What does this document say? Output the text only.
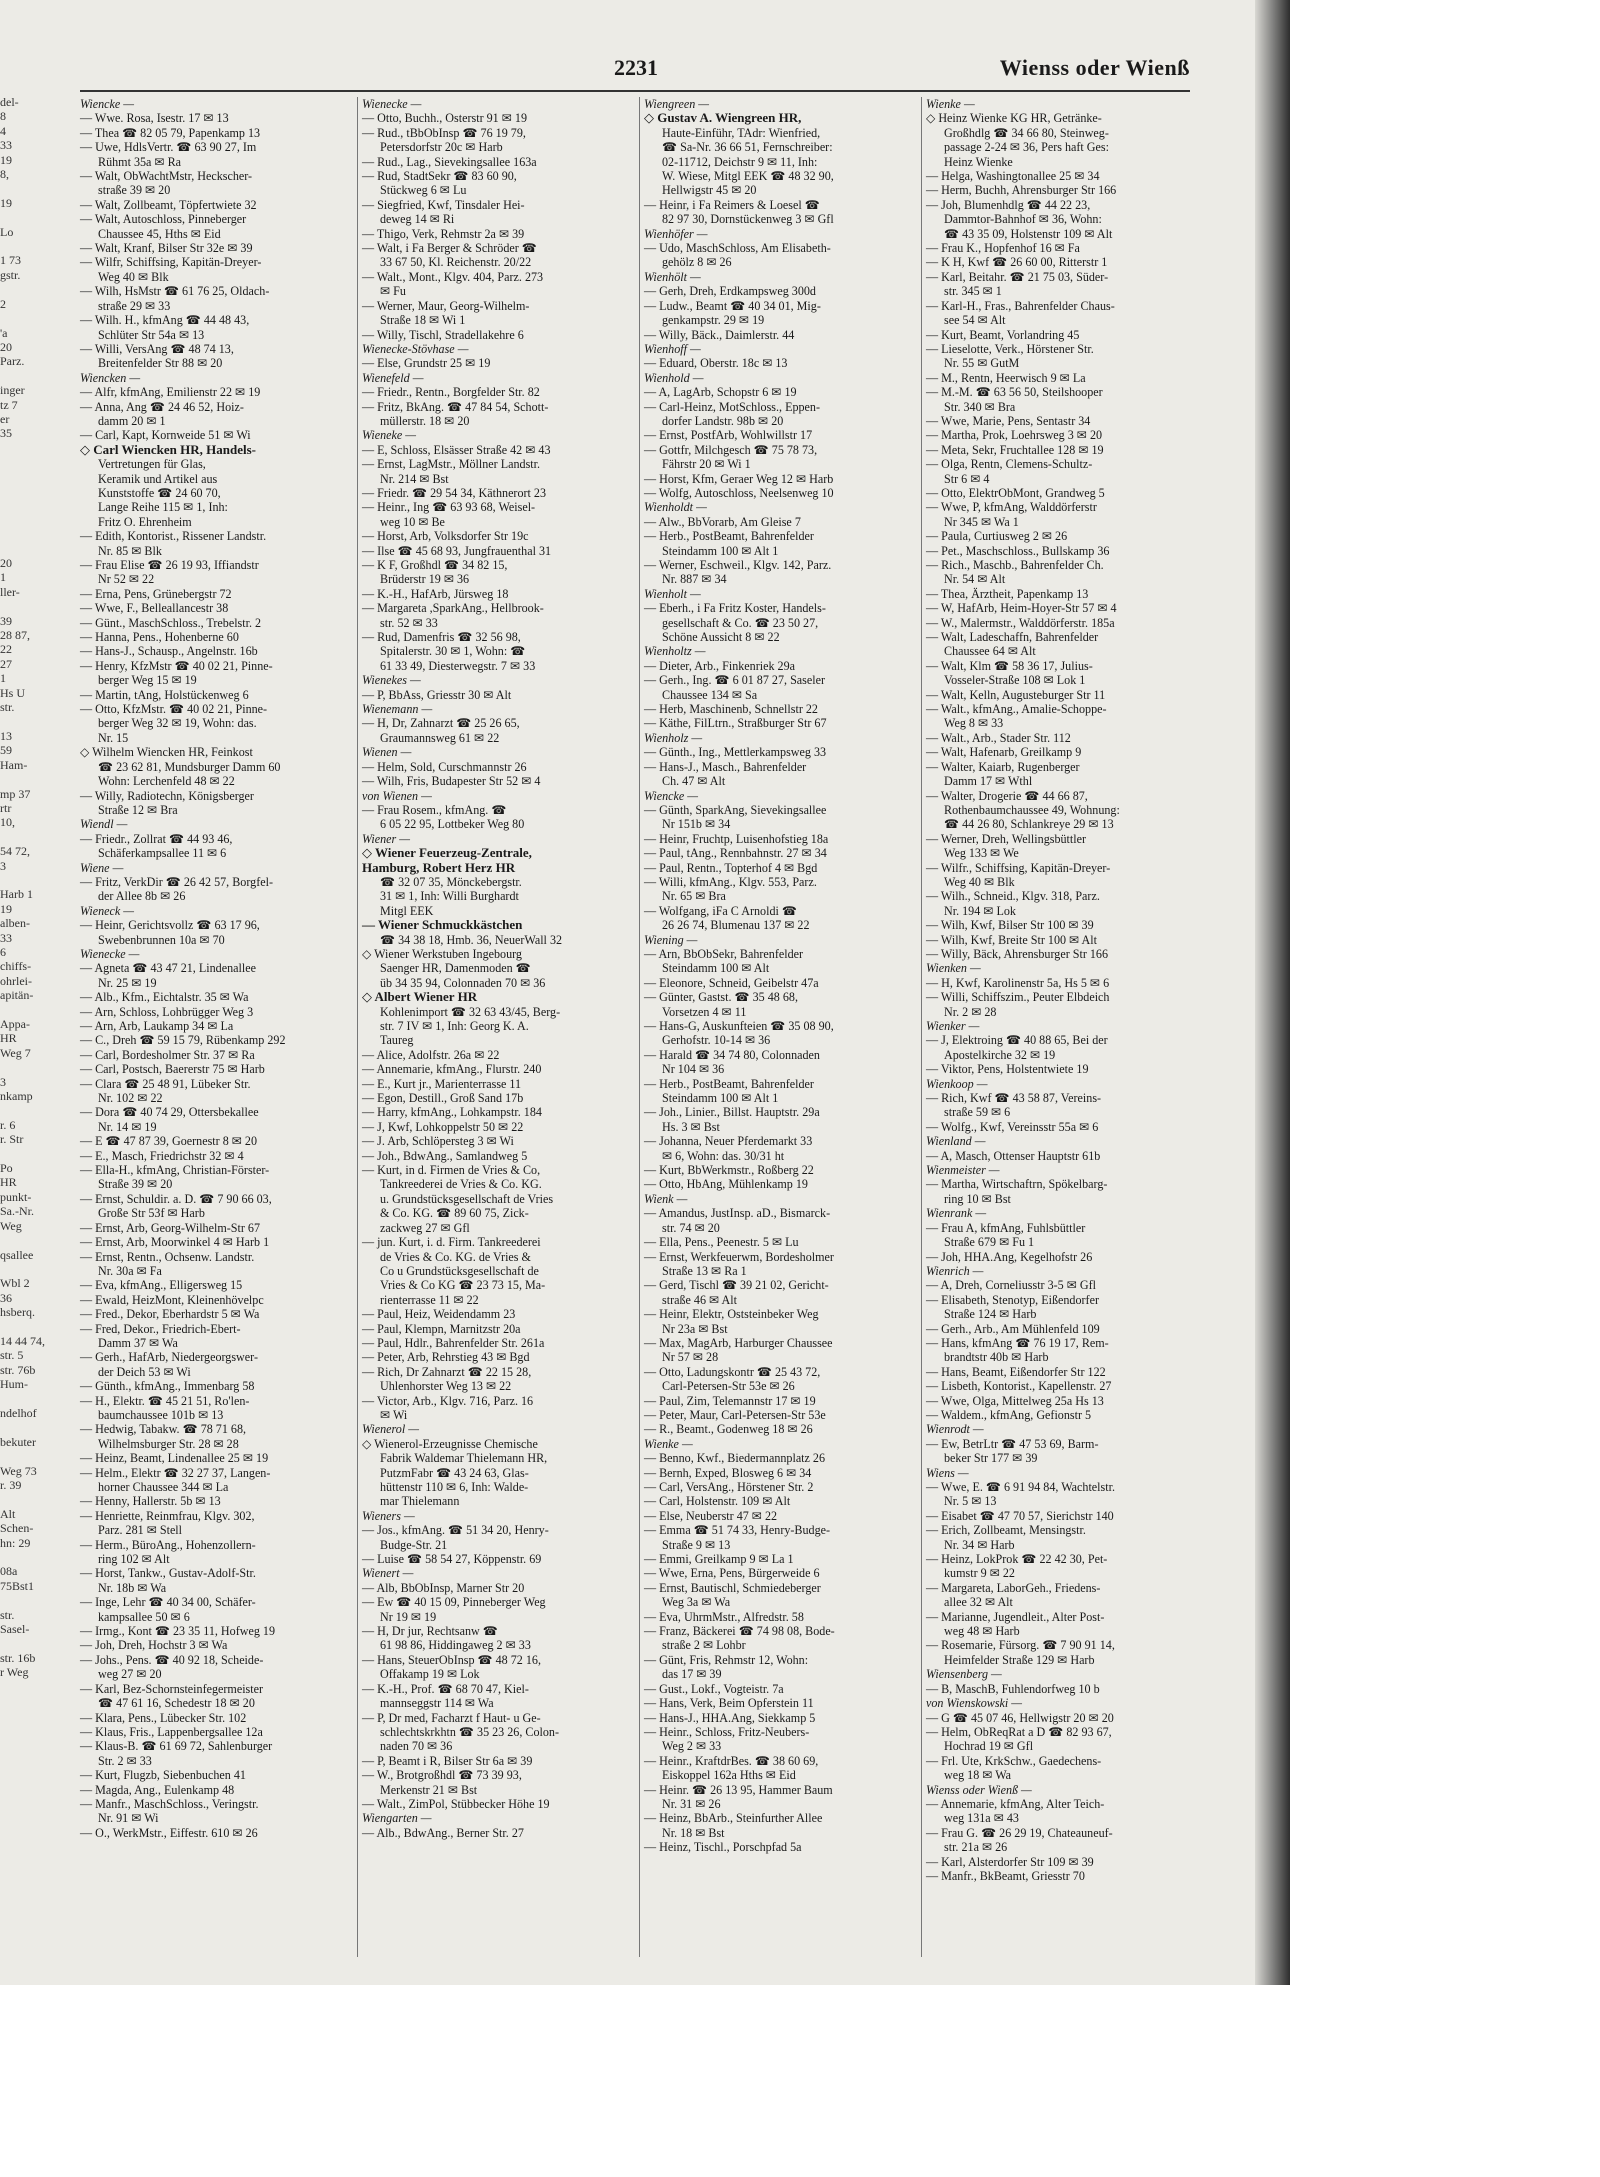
del-
8
4
33
19
8,

19

Lo

1 73
gstr.

2

'a
20
Parz.

inger
tz 7
er
35

20
1
ller-

39
28 87,
22
27
1
Hs U
str.

13
59
Ham-

mp 37
rtr
10,

54 72,
3

Harb 1
19
alben-
33
6
chiffs-
ohrlei-
apitän-

Appa-
HR
Weg 7

3
nkamp

r. 6
r. Str

Po
HR
punkt-
Sa.-Nr.
Weg

qsallee

Wbl 2
36
hsberq.

14 44 74,
str. 5
str. 76b
Hum-

ndelhof

bekuter

Weg 73
r. 39

Alt
Schen-
hn: 29

08a
75Bst1

str.
Sasel-

str. 16b
r Weg
2231	Wienss oder Wienß
Wiencke —
— Wwe. Rosa, Isestr. 17 ✉ 13
— Thea ☎ 82 05 79, Papenkamp 13
— Uwe, HdlsVertr. ☎ 63 90 27, Im
Rühmt 35a ✉ Ra
— Walt, ObWachtMstr, Heckscher-
straße 39 ✉ 20
— Walt, Zollbeamt, Töpfertwiete 32
— Walt, Autoschloss, Pinneberger
Chaussee 45, Hths ✉ Eid
— Walt, Kranf, Bilser Str 32e ✉ 39
— Wilfr, Schiffsing, Kapitän-Dreyer-
Weg 40 ✉ Blk
— Wilh, HsMstr ☎ 61 76 25, Oldach-
straße 29 ✉ 33
— Wilh. H., kfmAng ☎ 44 48 43,
Schlüter Str 54a ✉ 13
— Willi, VersAng ☎ 48 74 13,
Breitenfelder Str 88 ✉ 20
Wiencken —
— Alfr, kfmAng, Emilienstr 22 ✉ 19
— Anna, Ang ☎ 24 46 52, Hoiz-
damm 20 ✉ 1
— Carl, Kapt, Kornweide 51 ✉ Wi
◇ Carl Wiencken HR, Handels-
Vertretungen für Glas,
Keramik und Artikel aus
Kunststoffe ☎ 24 60 70,
Lange Reihe 115 ✉ 1, Inh:
Fritz O. Ehrenheim
— Edith, Kontorist., Rissener Landstr.
Nr. 85 ✉ Blk
— Frau Elise ☎ 26 19 93, Iffiandstr
Nr 52 ✉ 22
— Erna, Pens, Grünebergstr 72
— Wwe, F., Belleallancestr 38
— Günt., MaschSchloss., Trebelstr. 2
— Hanna, Pens., Hohenberne 60
— Hans-J., Schausp., Angelnstr. 16b
— Henry, KfzMstr ☎ 40 02 21, Pinne-
berger Weg 15 ✉ 19
— Martin, tAng, Holstückenweg 6
— Otto, KfzMstr. ☎ 40 02 21, Pinne-
berger Weg 32 ✉ 19, Wohn: das.
Nr. 15
◇ Wilhelm Wiencken HR, Feinkost
☎ 23 62 81, Mundsburger Damm 60
Wohn: Lerchenfeld 48 ✉ 22
— Willy, Radiotechn, Königsberger
Straße 12 ✉ Bra
Wiendl —
— Friedr., Zollrat ☎ 44 93 46,
Schäferkampsallee 11 ✉ 6
Wiene —
— Fritz, VerkDir ☎ 26 42 57, Borgfel-
der Allee 8b ✉ 26
Wieneck —
— Heinr, Gerichtsvollz ☎ 63 17 96,
Swebenbrunnen 10a ✉ 70
Wienecke —
— Agneta ☎ 43 47 21, Lindenallee
Nr. 25 ✉ 19
— Alb., Kfm., Eichtalstr. 35 ✉ Wa
— Arn, Schloss, Lohbrügger Weg 3
— Arn, Arb, Laukamp 34 ✉ La
— C., Dreh ☎ 59 15 79, Rübenkamp 292
— Carl, Bordesholmer Str. 37 ✉ Ra
— Carl, Postsch, Baererstr 75 ✉ Harb
— Clara ☎ 25 48 91, Lübeker Str.
Nr. 102 ✉ 22
— Dora ☎ 40 74 29, Ottersbekallee
Nr. 14 ✉ 19
— E ☎ 47 87 39, Goernestr 8 ✉ 20
— E., Masch, Friedrichstr 32 ✉ 4
— Ella-H., kfmAng, Christian-Förster-
Straße 39 ✉ 20
— Ernst, Schuldir. a. D. ☎ 7 90 66 03,
Große Str 53f ✉ Harb
— Ernst, Arb, Georg-Wilhelm-Str 67
— Ernst, Arb, Moorwinkel 4 ✉ Harb 1
— Ernst, Rentn., Ochsenw. Landstr.
Nr. 30a ✉ Fa
— Eva, kfmAng., Elligersweg 15
— Ewald, HeizMont, Kleinenhövelpc
— Fred., Dekor, Eberhardstr 5 ✉ Wa
— Fred, Dekor., Friedrich-Ebert-
Damm 37 ✉ Wa
— Gerh., HafArb, Niedergeorgswer-
der Deich 53 ✉ Wi
— Günth., kfmAng., Immenbarg 58
— H., Elektr. ☎ 45 21 51, Ro'len-
baumchaussee 101b ✉ 13
— Hedwig, Tabakw. ☎ 78 71 68,
Wilhelmsburger Str. 28 ✉ 28
— Heinz, Beamt, Lindenallee 25 ✉ 19
— Helm., Elektr ☎ 32 27 37, Langen-
horner Chaussee 344 ✉ La
— Henny, Hallerstr. 5b ✉ 13
— Henriette, Reinmfrau, Klgv. 302,
Parz. 281 ✉ Stell
— Herm., BüroAng., Hohenzollern-
ring 102 ✉ Alt
— Horst, Tankw., Gustav-Adolf-Str.
Nr. 18b ✉ Wa
— Inge, Lehr ☎ 40 34 00, Schäfer-
kampsallee 50 ✉ 6
— Irmg., Kont ☎ 23 35 11, Hofweg 19
— Joh, Dreh, Hochstr 3 ✉ Wa
— Johs., Pens. ☎ 40 92 18, Scheide-
weg 27 ✉ 20
— Karl, Bez-Schornsteinfegermeister
☎ 47 61 16, Schedestr 18 ✉ 20
— Klara, Pens., Lübecker Str. 102
— Klaus, Fris., Lappenbergsallee 12a
— Klaus-B. ☎ 61 69 72, Sahlenburger
Str. 2 ✉ 33
— Kurt, Flugzb, Siebenbuchen 41
— Magda, Ang., Eulenkamp 48
— Manfr., MaschSchloss., Veringstr.
Nr. 91 ✉ Wi
— O., WerkMstr., Eiffestr. 610 ✉ 26
Wienecke —
— Otto, Buchh., Osterstr 91 ✉ 19
— Rud., tBbObInsp ☎ 76 19 79,
Petersdorfstr 20c ✉ Harb
— Rud., Lag., Sievekingsallee 163a
— Rud, StadtSekr ☎ 83 60 90,
Stückweg 6 ✉ Lu
— Siegfried, Kwf, Tinsdaler Hei-
deweg 14 ✉ Ri
— Thigo, Verk, Rehmstr 2a ✉ 39
— Walt, i Fa Berger & Schröder ☎
33 67 50, Kl. Reichenstr. 20/22
— Walt., Mont., Klgv. 404, Parz. 273
✉ Fu
— Werner, Maur, Georg-Wilhelm-
Straße 18 ✉ Wi 1
— Willy, Tischl, Stradellakehre 6
Wienecke-Stövhase —
— Else, Grundstr 25 ✉ 19
Wienefeld —
— Friedr., Rentn., Borgfelder Str. 82
— Fritz, BkAng. ☎ 47 84 54, Schott-
müllerstr. 18 ✉ 20
Wieneke —
— E, Schloss, Elsässer Straße 42 ✉ 43
— Ernst, LagMstr., Möllner Landstr.
Nr. 214 ✉ Bst
— Friedr. ☎ 29 54 34, Käthnerort 23
— Heinr., Ing ☎ 63 93 68, Weisel-
weg 10 ✉ Be
— Horst, Arb, Volksdorfer Str 19c
— Ilse ☎ 45 68 93, Jungfrauenthal 31
— K F, Großhdl ☎ 34 82 15,
Brüderstr 19 ✉ 36
— K.-H., HafArb, Jürsweg 18
— Margareta ,SparkAng., Hellbrook-
str. 52 ✉ 33
— Rud, Damenfris ☎ 32 56 98,
Spitalerstr. 30 ✉ 1, Wohn: ☎
61 33 49, Diesterwegstr. 7 ✉ 33
Wienekes —
— P, BbAss, Griesstr 30 ✉ Alt
Wienemann —
— H, Dr, Zahnarzt ☎ 25 26 65,
Graumannsweg 61 ✉ 22
Wienen —
— Helm, Sold, Curschmannstr 26
— Wilh, Fris, Budapester Str 52 ✉ 4
von Wienen —
— Frau Rosem., kfmAng. ☎
6 05 22 95, Lottbeker Weg 80
Wiener —
◇ Wiener Feuerzeug-Zentrale,
Hamburg, Robert Herz HR
☎ 32 07 35, Mönckebergstr.
31 ✉ 1, Inh: Willi Burghardt
Mitgl EEK
— Wiener Schmuckkästchen
☎ 34 38 18, Hmb. 36, NeuerWall 32
◇ Wiener Werkstuben Ingebourg
Saenger HR, Damenmoden ☎
üb 34 35 94, Colonnaden 70 ✉ 36
◇ Albert Wiener HR
Kohlenimport ☎ 32 63 43/45, Berg-
str. 7 IV ✉ 1, Inh: Georg K. A.
Taureg
— Alice, Adolfstr. 26a ✉ 22
— Annemarie, kfmAng., Flurstr. 240
— E., Kurt jr., Marienterrasse 11
— Egon, Destill., Groß Sand 17b
— Harry, kfmAng., Lohkampstr. 184
— J, Kwf, Lohkoppelstr 50 ✉ 22
— J. Arb, Schlöpersteg 3 ✉ Wi
— Joh., BdwAng., Samlandweg 5
— Kurt, in d. Firmen de Vries & Co,
Tankreederei de Vries & Co. KG.
u. Grundstücksgesellschaft de Vries
& Co. KG. ☎ 89 60 75, Zick-
zackweg 27 ✉ Gfl
— jun. Kurt, i. d. Firm. Tankreederei
de Vries & Co. KG. de Vries &
Co u Grundstücksgesellschaft de
Vries & Co KG ☎ 23 73 15, Ma-
rienterrasse 11 ✉ 22
— Paul, Heiz, Weidendamm 23
— Paul, Klempn, Marnitzstr 20a
— Paul, Hdlr., Bahrenfelder Str. 261a
— Peter, Arb, Rehrstieg 43 ✉ Bgd
— Rich, Dr Zahnarzt ☎ 22 15 28,
Uhlenhorster Weg 13 ✉ 22
— Victor, Arb., Klgv. 716, Parz. 16
✉ Wi
Wienerol —
◇ Wienerol-Erzeugnisse Chemische
Fabrik Waldemar Thielemann HR,
PutzmFabr ☎ 43 24 63, Glas-
hüttenstr 110 ✉ 6, Inh: Walde-
mar Thielemann
Wieners —
— Jos., kfmAng. ☎ 51 34 20, Henry-
Budge-Str. 21
— Luise ☎ 58 54 27, Köppenstr. 69
Wienert —
— Alb, BbObInsp, Marner Str 20
— Ew ☎ 40 15 09, Pinneberger Weg
Nr 19 ✉ 19
— H, Dr jur, Rechtsanw ☎
61 98 86, Hiddingaweg 2 ✉ 33
— Hans, SteuerObInsp ☎ 48 72 16,
Offakamp 19 ✉ Lok
— K.-H., Prof. ☎ 68 70 47, Kiel-
mannseggstr 114 ✉ Wa
— P, Dr med, Facharzt f Haut- u Ge-
schlechtskrkhtn ☎ 35 23 26, Colon-
naden 70 ✉ 36
— P, Beamt i R, Bilser Str 6a ✉ 39
— W., Brotgroßhdl ☎ 73 39 93,
Merkenstr 21 ✉ Bst
— Walt., ZimPol, Stübbecker Höhe 19
Wiengarten —
— Alb., BdwAng., Berner Str. 27
Wiengreen —
◇ Gustav A. Wiengreen HR,
Haute-Einführ, TAdr: Wienfried,
☎ Sa-Nr. 36 66 51, Fernschreiber:
02-11712, Deichstr 9 ✉ 11, Inh:
W. Wiese, Mitgl EEK ☎ 48 32 90,
Hellwigstr 45 ✉ 20
— Heinr, i Fa Reimers & Loesel ☎
82 97 30, Dornstückenweg 3 ✉ Gfl
Wienhöfer —
— Udo, MaschSchloss, Am Elisabeth-
gehölz 8 ✉ 26
Wienhölt —
— Gerh, Dreh, Erdkampsweg 300d
— Ludw., Beamt ☎ 40 34 01, Mig-
genkampstr. 29 ✉ 19
— Willy, Bäck., Daimlerstr. 44
Wienhoff —
— Eduard, Oberstr. 18c ✉ 13
Wienhold —
— A, LagArb, Schopstr 6 ✉ 19
— Carl-Heinz, MotSchloss., Eppen-
dorfer Landstr. 98b ✉ 20
— Ernst, PostfArb, Wohlwillstr 17
— Gottfr, Milchgesch ☎ 75 78 73,
Fährstr 20 ✉ Wi 1
— Horst, Kfm, Geraer Weg 12 ✉ Harb
— Wolfg, Autoschloss, Neelsenweg 10
Wienholdt —
— Alw., BbVorarb, Am Gleise 7
— Herb., PostBeamt, Bahrenfelder
Steindamm 100 ✉ Alt 1
— Werner, Eschweil., Klgv. 142, Parz.
Nr. 887 ✉ 34
Wienholt —
— Eberh., i Fa Fritz Koster, Handels-
gesellschaft & Co. ☎ 23 50 27,
Schöne Aussicht 8 ✉ 22
Wienholtz —
— Dieter, Arb., Finkenriek 29a
— Gerh., Ing. ☎ 6 01 87 27, Saseler
Chaussee 134 ✉ Sa
— Herb, Maschinenb, Schnellstr 22
— Käthe, FilLtrn., Straßburger Str 67
Wienholz —
— Günth., Ing., Mettlerkampsweg 33
— Hans-J., Masch., Bahrenfelder
Ch. 47 ✉ Alt
Wiencke —
— Günth, SparkAng, Sievekingsallee
Nr 151b ✉ 34
— Heinr, Fruchtp, Luisenhofstieg 18a
— Paul, tAng., Rennbahnstr. 27 ✉ 34
— Paul, Rentn., Topterhof 4 ✉ Bgd
— Willi, kfmAng., Klgv. 553, Parz.
Nr. 65 ✉ Bra
— Wolfgang, iFa C Arnoldi ☎
26 26 74, Blumenau 137 ✉ 22
Wiening —
— Arn, BbObSekr, Bahrenfelder
Steindamm 100 ✉ Alt
— Eleonore, Schneid, Geibelstr 47a
— Günter, Gastst. ☎ 35 48 68,
Vorsetzen 4 ✉ 11
— Hans-G, Auskunfteien ☎ 35 08 90,
Gerhofstr. 10-14 ✉ 36
— Harald ☎ 34 74 80, Colonnaden
Nr 104 ✉ 36
— Herb., PostBeamt, Bahrenfelder
Steindamm 100 ✉ Alt 1
— Joh., Linier., Billst. Hauptstr. 29a
Hs. 3 ✉ Bst
— Johanna, Neuer Pferdemarkt 33
✉ 6, Wohn: das. 30/31 ht
— Kurt, BbWerkmstr., Roßberg 22
— Otto, HbAng, Mühlenkamp 19
Wienk —
— Amandus, JustInsp. aD., Bismarck-
str. 74 ✉ 20
— Ella, Pens., Peenestr. 5 ✉ Lu
— Ernst, Werkfeuerwm, Bordesholmer
Straße 13 ✉ Ra 1
— Gerd, Tischl ☎ 39 21 02, Gericht-
straße 46 ✉ Alt
— Heinr, Elektr, Oststeinbeker Weg
Nr 23a ✉ Bst
— Max, MagArb, Harburger Chaussee
Nr 57 ✉ 28
— Otto, Ladungskontr ☎ 25 43 72,
Carl-Petersen-Str 53e ✉ 26
— Paul, Zim, Telemannstr 17 ✉ 19
— Peter, Maur, Carl-Petersen-Str 53e
— R., Beamt., Godenweg 18 ✉ 26
Wienke —
— Benno, Kwf., Biedermannplatz 26
— Bernh, Exped, Blosweg 6 ✉ 34
— Carl, VersAng., Hörstener Str. 2
— Carl, Holstenstr. 109 ✉ Alt
— Else, Neuberstr 47 ✉ 22
— Emma ☎ 51 74 33, Henry-Budge-
Straße 9 ✉ 13
— Emmi, Greilkamp 9 ✉ La 1
— Wwe, Erna, Pens, Bürgerweide 6
— Ernst, Bautischl, Schmiedeberger
Weg 3a ✉ Wa
— Eva, UhrmMstr., Alfredstr. 58
— Franz, Bäckerei ☎ 74 98 08, Bode-
straße 2 ✉ Lohbr
— Günt, Fris, Rehmstr 12, Wohn:
das 17 ✉ 39
— Gust., Lokf., Vogteistr. 7a
— Hans, Verk, Beim Opferstein 11
— Hans-J., HHA.Ang, Siekkamp 5
— Heinr., Schloss, Fritz-Neubers-
Weg 2 ✉ 33
— Heinr., KraftdrBes. ☎ 38 60 69,
Eiskoppel 162a Hths ✉ Eid
— Heinr. ☎ 26 13 95, Hammer Baum
Nr. 31 ✉ 26
— Heinz, BbArb., Steinfurther Allee
Nr. 18 ✉ Bst
— Heinz, Tischl., Porschpfad 5a
Wienke —
◇ Heinz Wienke KG HR, Getränke-
Großhdlg ☎ 34 66 80, Steinweg-
passage 2-24 ✉ 36, Pers haft Ges:
Heinz Wienke
— Helga, Washingtonallee 25 ✉ 34
— Herm, Buchh, Ahrensburger Str 166
— Joh, Blumenhdlg ☎ 44 22 23,
Dammtor-Bahnhof ✉ 36, Wohn:
☎ 43 35 09, Holstenstr 109 ✉ Alt
— Frau K., Hopfenhof 16 ✉ Fa
— K H, Kwf ☎ 26 60 00, Ritterstr 1
— Karl, Beitahr. ☎ 21 75 03, Süder-
str. 345 ✉ 1
— Karl-H., Fras., Bahrenfelder Chaus-
see 54 ✉ Alt
— Kurt, Beamt, Vorlandring 45
— Lieselotte, Verk., Hörstener Str.
Nr. 55 ✉ GutM
— M., Rentn, Heerwisch 9 ✉ La
— M.-M. ☎ 63 56 50, Steilshooper
Str. 340 ✉ Bra
— Wwe, Marie, Pens, Sentastr 34
— Martha, Prok, Loehrsweg 3 ✉ 20
— Meta, Sekr, Fruchtallee 128 ✉ 19
— Olga, Rentn, Clemens-Schultz-
Str 6 ✉ 4
— Otto, ElektrObMont, Grandweg 5
— Wwe, P, kfmAng, Walddörferstr
Nr 345 ✉ Wa 1
— Paula, Curtiusweg 2 ✉ 26
— Pet., Maschschloss., Bullskamp 36
— Rich., Maschb., Bahrenfelder Ch.
Nr. 54 ✉ Alt
— Thea, Ärztheit, Papenkamp 13
— W, HafArb, Heim-Hoyer-Str 57 ✉ 4
— W., Malermstr., Walddörferstr. 185a
— Walt, Ladeschaffn, Bahrenfelder
Chaussee 64 ✉ Alt
— Walt, Klm ☎ 58 36 17, Julius-
Vosseler-Straße 108 ✉ Lok 1
— Walt, Kelln, Augusteburger Str 11
— Walt., kfmAng., Amalie-Schoppe-
Weg 8 ✉ 33
— Walt., Arb., Stader Str. 112
— Walt, Hafenarb, Greilkamp 9
— Walter, Kaiarb, Rugenberger
Damm 17 ✉ Wthl
— Walter, Drogerie ☎ 44 66 87,
Rothenbaumchaussee 49, Wohnung:
☎ 44 26 80, Schlankreye 29 ✉ 13
— Werner, Dreh, Wellingsbüttler
Weg 133 ✉ We
— Wilfr., Schiffsing, Kapitän-Dreyer-
Weg 40 ✉ Blk
— Wilh., Schneid., Klgv. 318, Parz.
Nr. 194 ✉ Lok
— Wilh, Kwf, Bilser Str 100 ✉ 39
— Wilh, Kwf, Breite Str 100 ✉ Alt
— Willy, Bäck, Ahrensburger Str 166
Wienken —
— H, Kwf, Karolinenstr 5a, Hs 5 ✉ 6
— Willi, Schiffszim., Peuter Elbdeich
Nr. 2 ✉ 28
Wienker —
— J, Elektroing ☎ 40 88 65, Bei der
Apostelkirche 32 ✉ 19
— Viktor, Pens, Holstentwiete 19
Wienkoop —
— Rich, Kwf ☎ 43 58 87, Vereins-
straße 59 ✉ 6
— Wolfg., Kwf, Vereinsstr 55a ✉ 6
Wienland —
— A, Masch, Ottenser Hauptstr 61b
Wienmeister —
— Martha, Wirtschaftrn, Spökelbarg-
ring 10 ✉ Bst
Wienrank —
— Frau A, kfmAng, Fuhlsbüttler
Straße 679 ✉ Fu 1
— Joh, HHA.Ang, Kegelhofstr 26
Wienrich —
— A, Dreh, Corneliusstr 3-5 ✉ Gfl
— Elisabeth, Stenotyp, Eißendorfer
Straße 124 ✉ Harb
— Gerh., Arb., Am Mühlenfeld 109
— Hans, kfmAng ☎ 76 19 17, Rem-
brandtstr 40b ✉ Harb
— Hans, Beamt, Eißendorfer Str 122
— Lisbeth, Kontorist., Kapellenstr. 27
— Wwe, Olga, Mittelweg 25a Hs 13
— Waldem., kfmAng, Gefionstr 5
Wienrodt —
— Ew, BetrLtr ☎ 47 53 69, Barm-
beker Str 177 ✉ 39
Wiens —
— Wwe, E. ☎ 6 91 94 84, Wachtelstr.
Nr. 5 ✉ 13
— Eisabet ☎ 47 70 57, Sierichstr 140
— Erich, Zollbeamt, Mensingstr.
Nr. 34 ✉ Harb
— Heinz, LokProk ☎ 22 42 30, Pet-
kumstr 9 ✉ 22
— Margareta, LaborGeh., Friedens-
allee 32 ✉ Alt
— Marianne, Jugendleit., Alter Post-
weg 48 ✉ Harb
— Rosemarie, Fürsorg. ☎ 7 90 91 14,
Heimfelder Straße 129 ✉ Harb
Wiensenberg —
— B, MaschB, Fuhlendorfweg 10 b
von Wienskowski —
— G ☎ 45 07 46, Hellwigstr 20 ✉ 20
— Helm, ObReqRat a D ☎ 82 93 67,
Hochrad 19 ✉ Gfl
— Frl. Ute, KrkSchw., Gaedechens-
weg 18 ✉ Wa
Wienss oder Wienß —
— Annemarie, kfmAng, Alter Teich-
weg 131a ✉ 43
— Frau G. ☎ 26 29 19, Chateauneuf-
str. 21a ✉ 26
— Karl, Alsterdorfer Str 109 ✉ 39
— Manfr., BkBeamt, Griesstr 70
